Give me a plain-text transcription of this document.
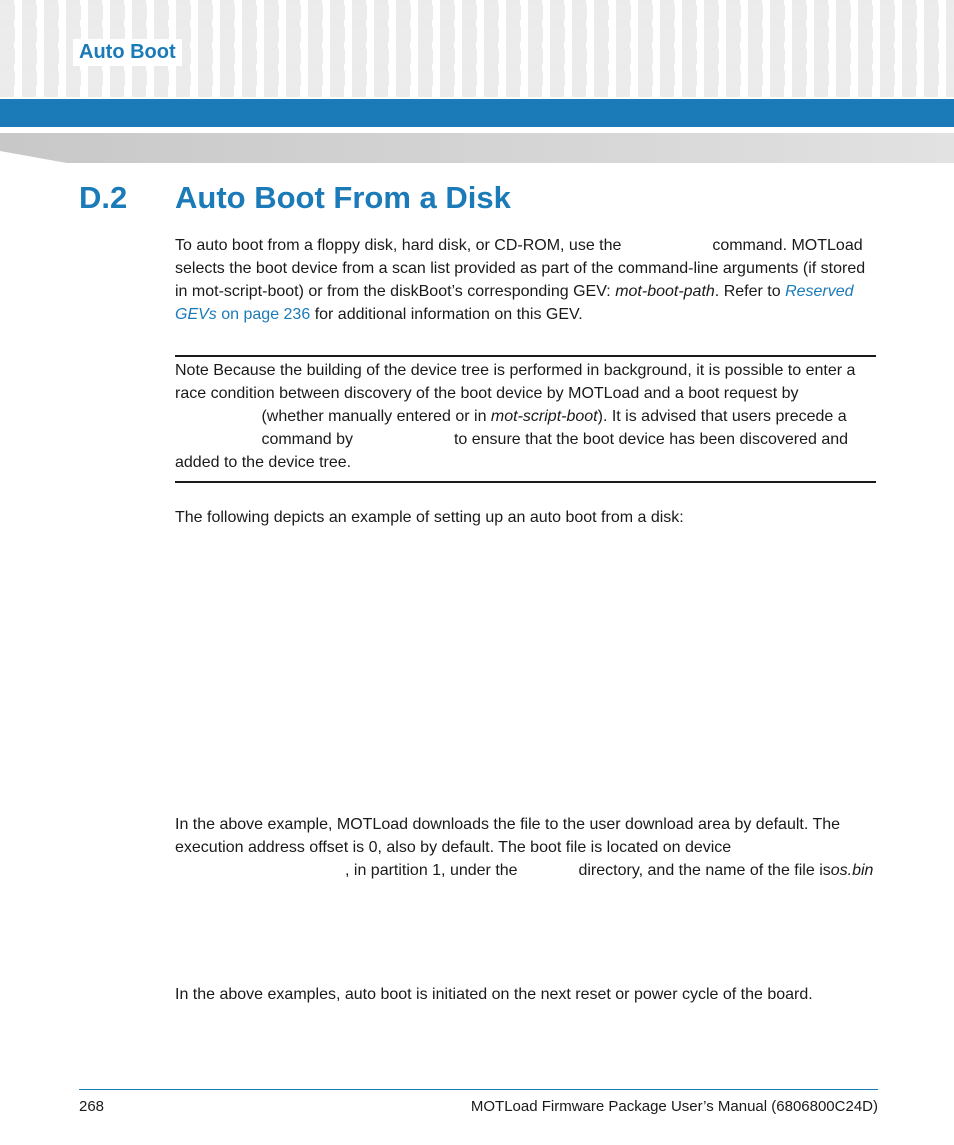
Auto Boot
D.2 Auto Boot From a Disk

To auto boot from a floppy disk, hard disk, or CD-ROM, use the	command. MOTLoad selects the boot device from a scan list provided as part of the command-line arguments (if stored in mot-script-boot) or from the diskBoot’s corresponding GEV: mot-boot-path. Refer to Reserved GEVs on page 236 for additional information on this GEV.

Note Because the building of the device tree is performed in background, it is possible to enter a race condition between discovery of the boot device by MOTLoad and a boot request by  (whether manually entered or in mot-script-boot). It is advised that users precede a  command by	to ensure that the boot device has been discovered and added to the device tree.

The following depicts an example of setting up an auto boot from a disk:

In the above example, MOTLoad downloads the file to the user download area by default. The execution address offset is 0, also by default. The boot file is located on device , in partition 1, under the	directory, and the name of the file isos.bin

In the above examples, auto boot is initiated on the next reset or power cycle of the board.

268	MOTLoad Firmware Package User’s Manual (6806800C24D)
